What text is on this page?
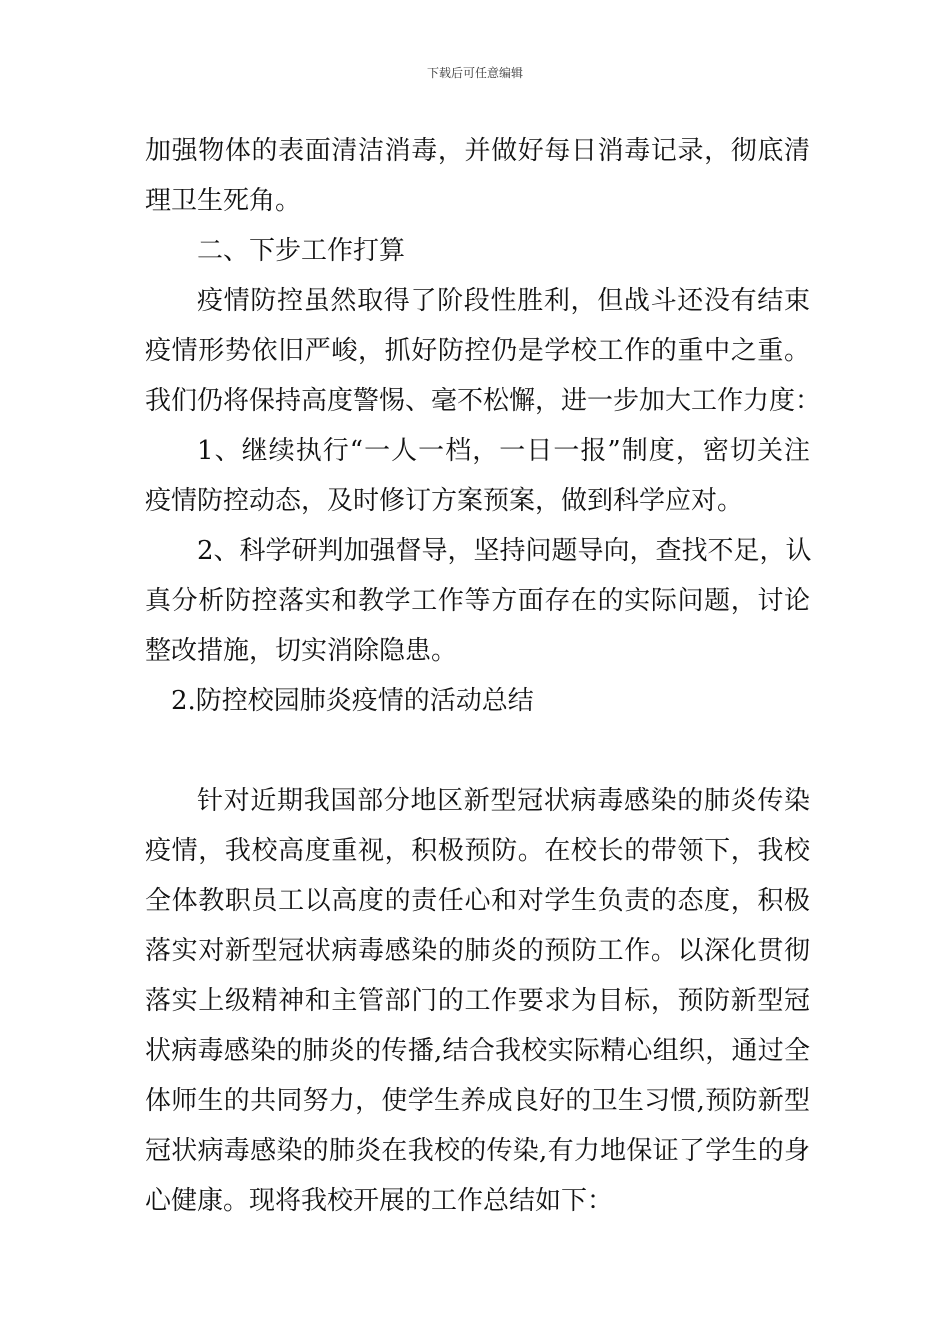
下载后可任意编辑
加强物体的表面清洁消毒，并做好每日消毒记录，彻底清
理卫生死角。
二、下步工作打算
疫情防控虽然取得了阶段性胜利，但战斗还没有结束
疫情形势依旧严峻，抓好防控仍是学校工作的重中之重。
我们仍将保持高度警惕、毫不松懈，进一步加大工作力度：
1、继续执行“一人一档，一日一报”制度，密切关注
疫情防控动态，及时修订方案预案，做到科学应对。
2、科学研判加强督导，坚持问题导向，查找不足，认
真分析防控落实和教学工作等方面存在的实际问题，讨论
整改措施，切实消除隐患。
2.防控校园肺炎疫情的活动总结
针对近期我国部分地区新型冠状病毒感染的肺炎传染
疫情，我校高度重视，积极预防。在校长的带领下，我校
全体教职员工以高度的责任心和对学生负责的态度，积极
落实对新型冠状病毒感染的肺炎的预防工作。以深化贯彻
落实上级精神和主管部门的工作要求为目标，预防新型冠
状病毒感染的肺炎的传播,结合我校实际精心组织，通过全
体师生的共同努力，使学生养成良好的卫生习惯,预防新型
冠状病毒感染的肺炎在我校的传染,有力地保证了学生的身
心健康。现将我校开展的工作总结如下：
